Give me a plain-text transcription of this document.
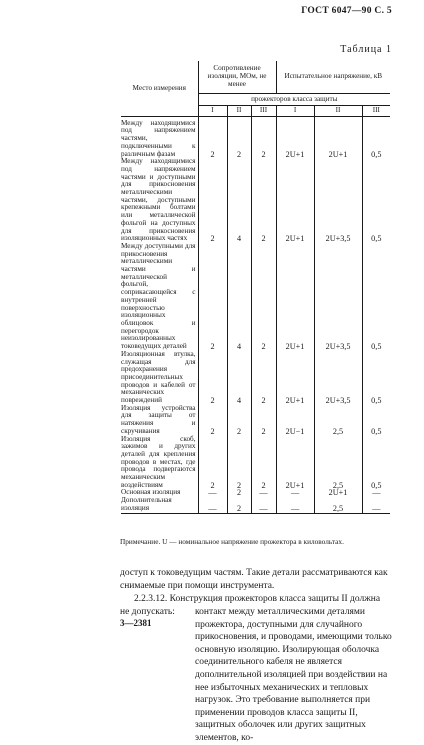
ГОСТ 6047—90 С. 5
Таблица 1
Место измерения	Сопротивление изоляции, МОм, не менее			Испытательное напряжение, кВ		
	прожекторов класса защиты					
	I	II	III	I	II	III
Между находящимися под напряжением частями, подключенными к различным фазам	2	2	2	2U+1	2U+1	0,5
Между находящимися под напряжением частями и доступными для прикосновения металлическими частями, доступными крепежными болтами или металлической фольгой на доступных для прикосновения изоляционных частях	2	4	2	2U+1	2U+3,5	0,5
Между доступными для прикосновения металлическими частями и металлической фольгой, соприкасающейся с внутренней поверхностью изоляционных облицовок и перегородок неизолированных токоведущих деталей	2	4	2	2U+1	2U+3,5	0,5
Изоляционная втулка, служащая для предохранения присоединительных проводов и кабелей от механических повреждений	2	4	2	2U+1	2U+3,5	0,5
Изоляция устройства для защиты от натяжения и скручивания	2	2	2	2U−1	2,5	0,5
Изоляция скоб, зажимов и других деталей для крепления проводов в местах, где провода подвергаются механическим воздействиям	2	2	2	2U+1	2,5	0,5
Основная изоляция	—	2	—	—	2U+1	—
Дополнительная изоляция	—	2	—	—	2,5	—
Примечание. U — номинальное напряжение прожектора в киловольтах.
доступ к токоведущим частям. Такие детали рассматриваются как
снимаемые при помощи инструмента.
2.2.3.12. Конструкция прожекторов класса защиты II должна
не допускать:	контакт между металлическими деталями прожектора, доступными для случайного прикосновения, и проводами, имеющими только основную изоляцию. Изолирующая оболочка соединительного кабеля не является дополнительной изоляцией при воздействии на нее избыточных механических и тепловых нагрузок. Это требование выполняется при применении проводов класса защиты II, защитных оболочек или других защитных элементов, ко-
3—2381
